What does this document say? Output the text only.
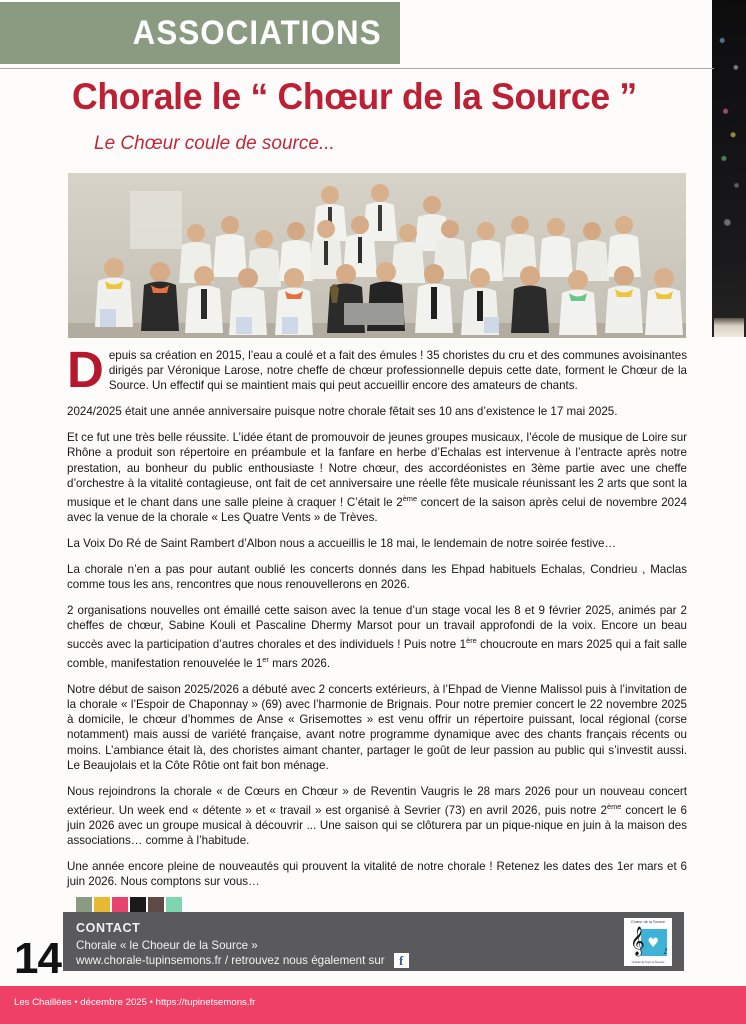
ASSOCIATIONS
Chorale le “ Chœur de la Source ”
Le Chœur coule de source...

Depuis sa création en 2015, l’eau a coulé et a fait des émules ! 35 choristes du cru et des communes avoisinantes dirigés par Véronique Larose, notre cheffe de chœur professionnelle depuis cette date, forment le Chœur de la Source. Un effectif qui se maintient mais qui peut accueillir encore des amateurs de chants.

2024/2025 était une année anniversaire puisque notre chorale fêtait ses 10 ans d’existence le 17 mai 2025.

Et ce fut une très belle réussite. L’idée étant de promouvoir de jeunes groupes musicaux, l’école de musique de Loire sur Rhône a produit son répertoire en préambule et la fanfare en herbe d’Echalas est intervenue à l’entracte après notre prestation, au bonheur du public enthousiaste ! Notre chœur, des accordéonistes en 3ème partie avec une cheffe d’orchestre à la vitalité contagieuse, ont fait de cet anniversaire une réelle fête musicale réunissant les 2 arts que sont la musique et le chant dans une salle pleine à craquer ! C’était le 2ème concert de la saison après celui de novembre 2024 avec la venue de la chorale « Les Quatre Vents » de Trèves.

La Voix Do Ré de Saint Rambert d’Albon nous a accueillis le 18 mai, le lendemain de notre soirée festive…

La chorale n’en a pas pour autant oublié les concerts donnés dans les Ehpad habituels Echalas, Condrieu , Maclas comme tous les ans, rencontres que nous renouvellerons en 2026.

2 organisations nouvelles ont émaillé cette saison avec la tenue d’un stage vocal les 8 et 9 février 2025, animés par 2 cheffes de chœur, Sabine Kouli et Pascaline Dhermy Marsot pour un travail approfondi de la voix. Encore un beau succès avec la participation d’autres chorales et des individuels ! Puis notre 1ère choucroute en mars 2025 qui a fait salle comble, manifestation renouvelée le 1er mars 2026.

Notre début de saison 2025/2026 a débuté avec 2 concerts extérieurs, à l’Ehpad de Vienne Malissol puis à l’invitation de la chorale « l’Espoir de Chaponnay » (69) avec l’harmonie de Brignais. Pour notre premier concert le 22 novembre 2025 à domicile, le chœur d’hommes de Anse « Grisemottes » est venu offrir un répertoire puissant, local régional (corse notamment) mais aussi de variété française, avant notre programme dynamique avec des chants français récents ou moins. L’ambiance était là, des choristes aimant chanter, partager le goût de leur passion au public qui s’investit aussi. Le Beaujolais et la Côte Rôtie ont fait bon ménage.

Nous rejoindrons la chorale « de Cœurs en Chœur » de Reventin Vaugris le 28 mars 2026 pour un nouveau concert extérieur. Un week end « détente » et « travail » est organisé à Sevrier (73) en avril 2026, puis notre 2ème concert le 6 juin 2026 avec un groupe musical à découvrir ... Une saison qui se clôturera par un pique-nique en juin à la maison des associations… comme à l’habitude.

Une année encore pleine de nouveautés qui prouvent la vitalité de notre chorale ! Retenez les dates des 1er mars et 6 juin 2026. Nous comptons sur vous…

CONTACT
Chorale « le Choeur de la Source »
www.chorale-tupinsemons.fr / retrouvez nous également sur	f
Chœur de la Source
𝄞 ♥
♪
Chorale de Tupin et Semons
14
Les Chaillées • décembre 2025 • https://tupinetsemons.fr
